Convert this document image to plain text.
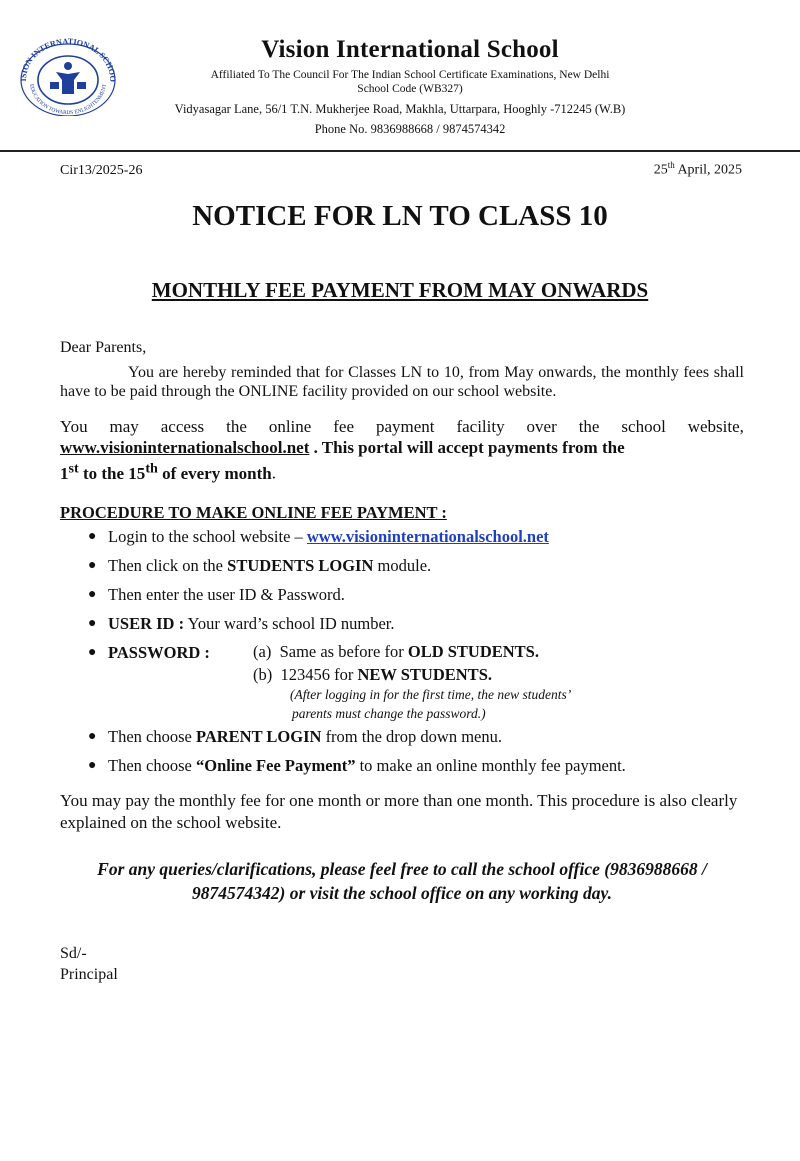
ISION INTERNATIONAL SCHOO
EDUCATION TOWARDS ENLIGHTENMENT
Vision International School
Affiliated To The Council For The Indian School Certificate Examinations, New Delhi
School Code (WB327)
Vidyasagar Lane, 56/1 T.N. Mukherjee Road, Makhla, Uttarpara, Hooghly -712245 (W.B)
Phone No. 9836988668 / 9874574342
Cir13/2025-26	25th April, 2025
NOTICE FOR LN TO CLASS 10
MONTHLY FEE PAYMENT FROM MAY ONWARDS
Dear Parents,
You are hereby reminded that for Classes LN to 10, from May onwards, the monthly fees shall have to be paid through the ONLINE facility provided on our school website.
You may access the online fee payment facility over the school website,
www.visioninternationalschool.net . This portal will accept payments from the
1st to the 15th of every month.
PROCEDURE TO MAKE ONLINE FEE PAYMENT :
● Login to the school website – www.visioninternationalschool.net
● Then click on the STUDENTS LOGIN module.
● Then enter the user ID & Password.
● USER ID : Your ward’s school ID number.
● PASSWORD :	(a) Same as before for OLD STUDENTS.
(b) 123456 for NEW STUDENTS.
(After logging in for the first time, the new students’
parents must change the password.)
● Then choose PARENT LOGIN from the drop down menu.
● Then choose “Online Fee Payment” to make an online monthly fee payment.
You may pay the monthly fee for one month or more than one month. This procedure is also clearly explained on the school website.
For any queries/clarifications, please feel free to call the school office (9836988668 / 9874574342) or visit the school office on any working day.
Sd/-
Principal
